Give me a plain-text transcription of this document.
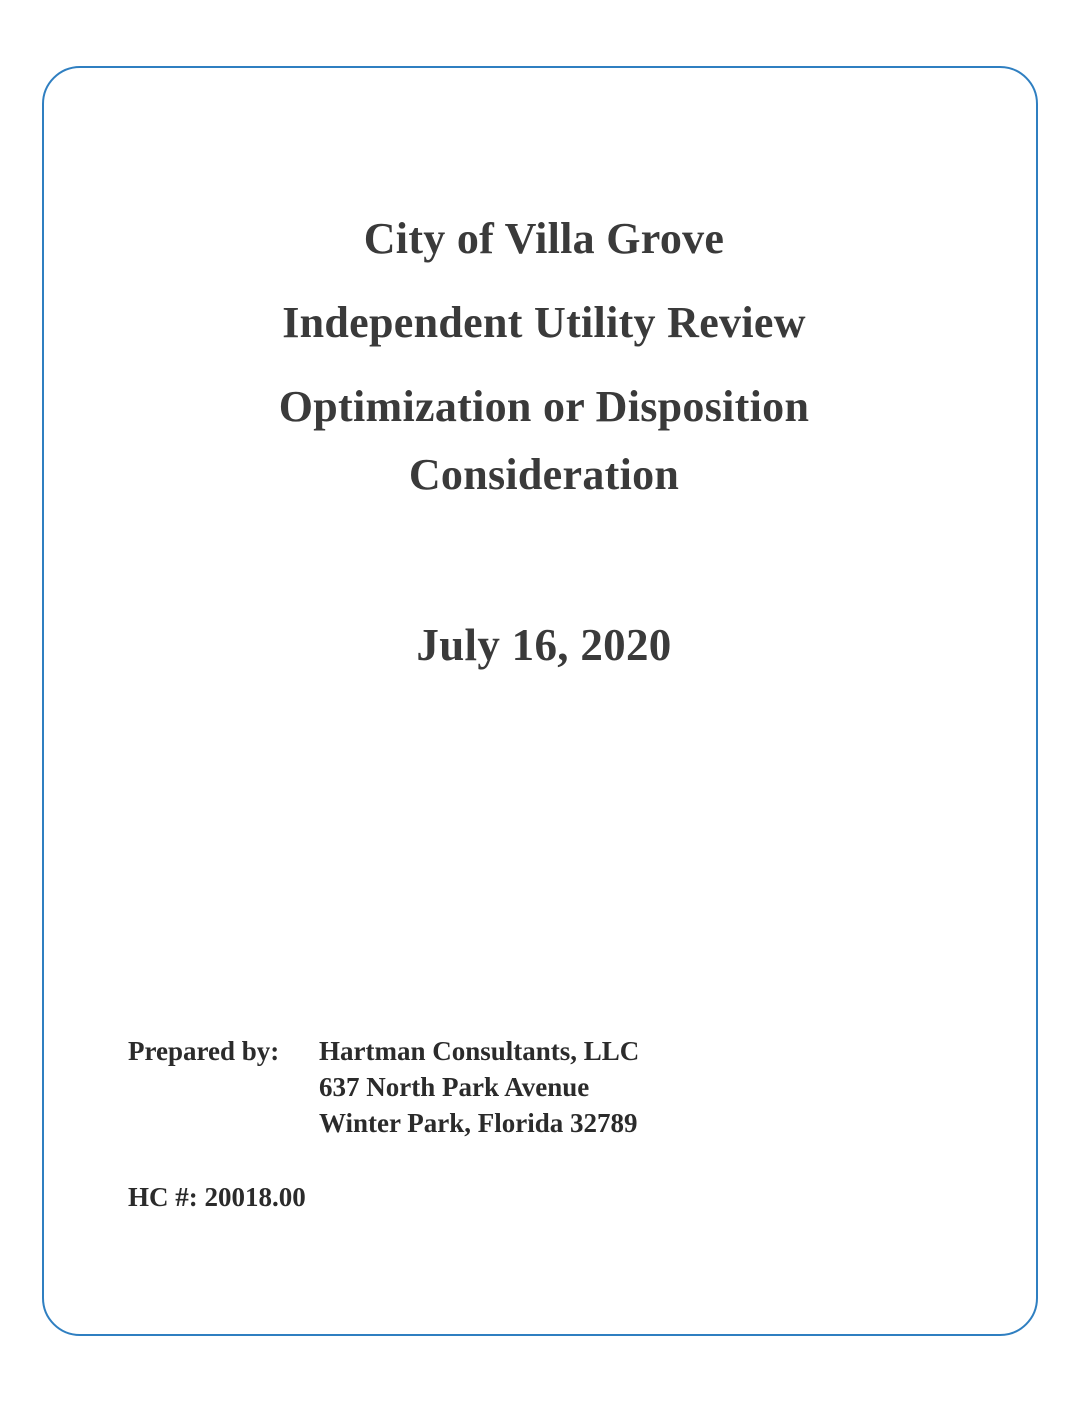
City of Villa Grove
Independent Utility Review
Optimization or Disposition
Consideration
July 16, 2020
Prepared by: Hartman Consultants, LLC
637 North Park Avenue
Winter Park, Florida 32789
HC #: 20018.00
